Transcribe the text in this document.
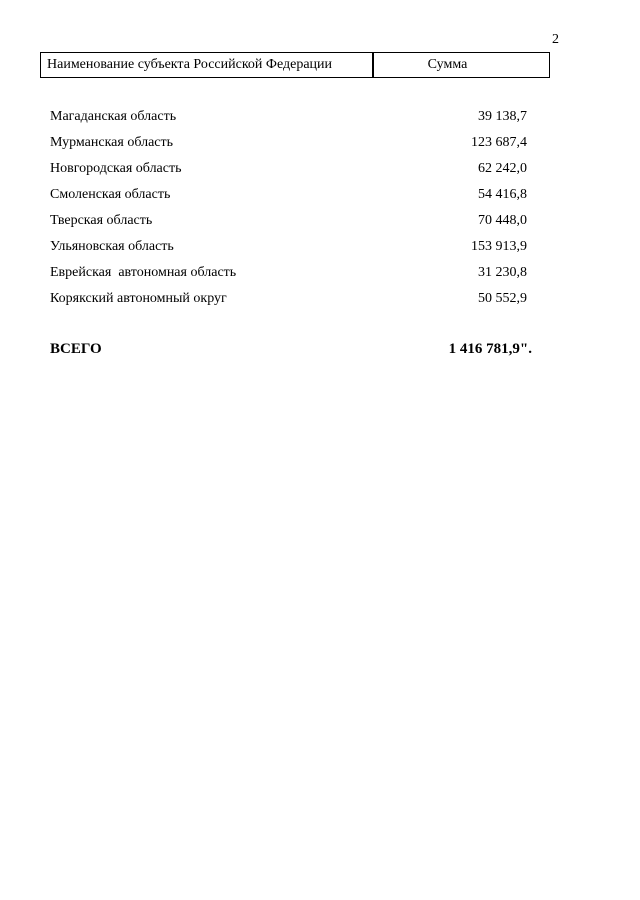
2
Наименование субъекта Российской Федерации	Сумма
Магаданская область	39 138,7
Мурманская область	123 687,4
Новгородская область	62 242,0
Смоленская область	54 416,8
Тверская область	70 448,0
Ульяновская область	153 913,9
Еврейская  автономная область	31 230,8
Корякский автономный округ	50 552,9
ВСЕГО	1 416 781,9".
